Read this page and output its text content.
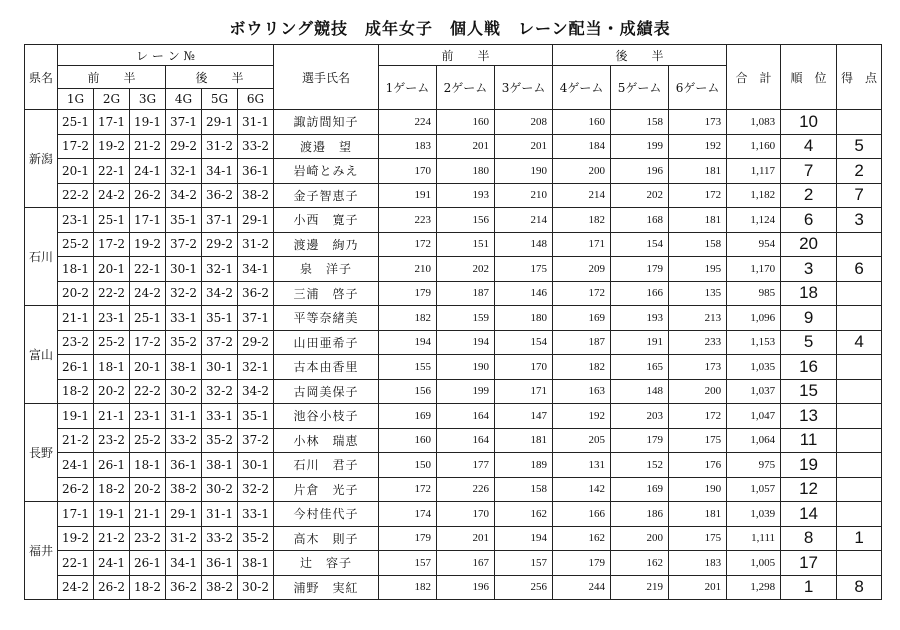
ボウリング競技　成年女子　個人戦　レーン配当・成績表
県名	レ ー ン №						選手氏名	前　　半			後　　半			合　計	順　位	得　点
	前　　半			後　　半				1ゲーム	2ゲーム	3ゲーム	4ゲーム	5ゲーム	6ゲーム			
	1G	2G	3G	4G	5G	6G										
新潟	25-1	17-1	19-1	37-1	29-1	31-1	諏訪間知子	224	160	208	160	158	173	1,083	10	
	17-2	19-2	21-2	29-2	31-2	33-2	渡邉　望	183	201	201	184	199	192	1,160	4	5
	20-1	22-1	24-1	32-1	34-1	36-1	岩崎とみえ	170	180	190	200	196	181	1,117	7	2
	22-2	24-2	26-2	34-2	36-2	38-2	金子智恵子	191	193	210	214	202	172	1,182	2	7
石川	23-1	25-1	17-1	35-1	37-1	29-1	小西　寛子	223	156	214	182	168	181	1,124	6	3
	25-2	17-2	19-2	37-2	29-2	31-2	渡邊　絢乃	172	151	148	171	154	158	954	20	
	18-1	20-1	22-1	30-1	32-1	34-1	泉　洋子	210	202	175	209	179	195	1,170	3	6
	20-2	22-2	24-2	32-2	34-2	36-2	三浦　啓子	179	187	146	172	166	135	985	18	
富山	21-1	23-1	25-1	33-1	35-1	37-1	平等奈緒美	182	159	180	169	193	213	1,096	9	
	23-2	25-2	17-2	35-2	37-2	29-2	山田亜希子	194	194	154	187	191	233	1,153	5	4
	26-1	18-1	20-1	38-1	30-1	32-1	古本由香里	155	190	170	182	165	173	1,035	16	
	18-2	20-2	22-2	30-2	32-2	34-2	古岡美保子	156	199	171	163	148	200	1,037	15	
長野	19-1	21-1	23-1	31-1	33-1	35-1	池谷小枝子	169	164	147	192	203	172	1,047	13	
	21-2	23-2	25-2	33-2	35-2	37-2	小林　瑞恵	160	164	181	205	179	175	1,064	11	
	24-1	26-1	18-1	36-1	38-1	30-1	石川　君子	150	177	189	131	152	176	975	19	
	26-2	18-2	20-2	38-2	30-2	32-2	片倉　光子	172	226	158	142	169	190	1,057	12	
福井	17-1	19-1	21-1	29-1	31-1	33-1	今村佳代子	174	170	162	166	186	181	1,039	14	
	19-2	21-2	23-2	31-2	33-2	35-2	高木　則子	179	201	194	162	200	175	1,111	8	1
	22-1	24-1	26-1	34-1	36-1	38-1	辻　容子	157	167	157	179	162	183	1,005	17	
	24-2	26-2	18-2	36-2	38-2	30-2	浦野　実紅	182	196	256	244	219	201	1,298	1	8
